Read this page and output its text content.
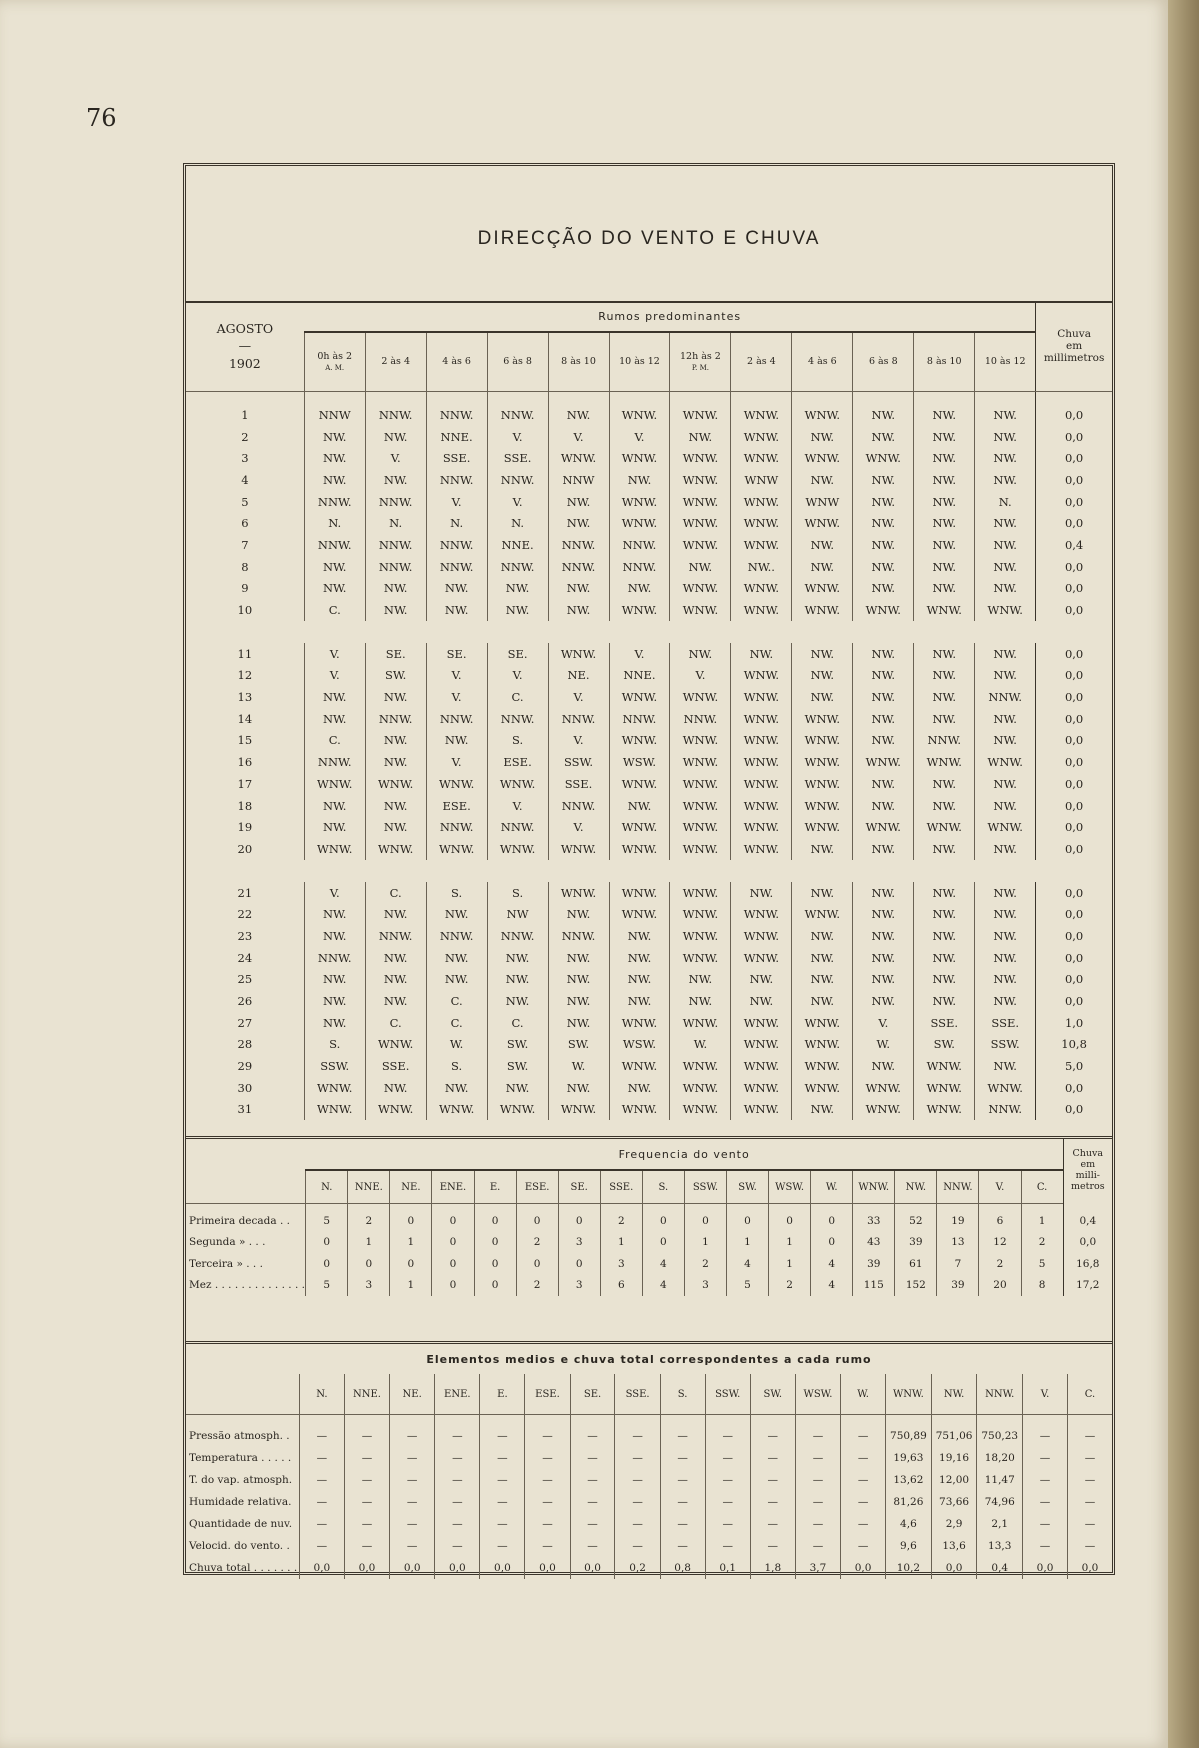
76
DIRECÇÃO DO VENTO E CHUVA
AGOSTO
—
1902	Rumos predominantes												Chuva
em
millimetros
	0h às 2
A. M.	2 às 4	4 às 6	6 às 8	8 às 10	10 às 12	12h às 2
P. M.	2 às 4	4 às 6	6 às 8	8 às 10	10 às 12	
1	NNW	NNW.	NNW.	NNW.	NW.	WNW.	WNW.	WNW.	WNW.	NW.	NW.	NW.	0,0
2	NW.	NW.	NNE.	V.	V.	V.	NW.	WNW.	NW.	NW.	NW.	NW.	0,0
3	NW.	V.	SSE.	SSE.	WNW.	WNW.	WNW.	WNW.	WNW.	WNW.	NW.	NW.	0,0
4	NW.	NW.	NNW.	NNW.	NNW	NW.	WNW.	WNW	NW.	NW.	NW.	NW.	0,0
5	NNW.	NNW.	V.	V.	NW.	WNW.	WNW.	WNW.	WNW	NW.	NW.	N.	0,0
6	N.	N.	N.	N.	NW.	WNW.	WNW.	WNW.	WNW.	NW.	NW.	NW.	0,0
7	NNW.	NNW.	NNW.	NNE.	NNW.	NNW.	WNW.	WNW.	NW.	NW.	NW.	NW.	0,4
8	NW.	NNW.	NNW.	NNW.	NNW.	NNW.	NW.	NW..	NW.	NW.	NW.	NW.	0,0
9	NW.	NW.	NW.	NW.	NW.	NW.	WNW.	WNW.	WNW.	NW.	NW.	NW.	0,0
10	C.	NW.	NW.	NW.	NW.	WNW.	WNW.	WNW.	WNW.	WNW.	WNW.	WNW.	0,0

11	V.	SE.	SE.	SE.	WNW.	V.	NW.	NW.	NW.	NW.	NW.	NW.	0,0
12	V.	SW.	V.	V.	NE.	NNE.	V.	WNW.	NW.	NW.	NW.	NW.	0,0
13	NW.	NW.	V.	C.	V.	WNW.	WNW.	WNW.	NW.	NW.	NW.	NNW.	0,0
14	NW.	NNW.	NNW.	NNW.	NNW.	NNW.	NNW.	WNW.	WNW.	NW.	NW.	NW.	0,0
15	C.	NW.	NW.	S.	V.	WNW.	WNW.	WNW.	WNW.	NW.	NNW.	NW.	0,0
16	NNW.	NW.	V.	ESE.	SSW.	WSW.	WNW.	WNW.	WNW.	WNW.	WNW.	WNW.	0,0
17	WNW.	WNW.	WNW.	WNW.	SSE.	WNW.	WNW.	WNW.	WNW.	NW.	NW.	NW.	0,0
18	NW.	NW.	ESE.	V.	NNW.	NW.	WNW.	WNW.	WNW.	NW.	NW.	NW.	0,0
19	NW.	NW.	NNW.	NNW.	V.	WNW.	WNW.	WNW.	WNW.	WNW.	WNW.	WNW.	0,0
20	WNW.	WNW.	WNW.	WNW.	WNW.	WNW.	WNW.	WNW.	NW.	NW.	NW.	NW.	0,0

21	V.	C.	S.	S.	WNW.	WNW.	WNW.	NW.	NW.	NW.	NW.	NW.	0,0
22	NW.	NW.	NW.	NW	NW.	WNW.	WNW.	WNW.	WNW.	NW.	NW.	NW.	0,0
23	NW.	NNW.	NNW.	NNW.	NNW.	NW.	WNW.	WNW.	NW.	NW.	NW.	NW.	0,0
24	NNW.	NW.	NW.	NW.	NW.	NW.	WNW.	WNW.	NW.	NW.	NW.	NW.	0,0
25	NW.	NW.	NW.	NW.	NW.	NW.	NW.	NW.	NW.	NW.	NW.	NW.	0,0
26	NW.	NW.	C.	NW.	NW.	NW.	NW.	NW.	NW.	NW.	NW.	NW.	0,0
27	NW.	C.	C.	C.	NW.	WNW.	WNW.	WNW.	WNW.	V.	SSE.	SSE.	1,0
28	S.	WNW.	W.	SW.	SW.	WSW.	W.	WNW.	WNW.	W.	SW.	SSW.	10,8
29	SSW.	SSE.	S.	SW.	W.	WNW.	WNW.	WNW.	WNW.	NW.	WNW.	NW.	5,0
30	WNW.	NW.	NW.	NW.	NW.	NW.	WNW.	WNW.	WNW.	WNW.	WNW.	WNW.	0,0
31	WNW.	WNW.	WNW.	WNW.	WNW.	WNW.	WNW.	WNW.	NW.	WNW.	WNW.	NNW.	0,0
	Frequencia do vento																		Chuva
em
milli-
metros
	N.	NNE.	NE.	ENE.	E.	ESE.	SE.	SSE.	S.	SSW.	SW.	WSW.	W.	WNW.	NW.	NNW.	V.	C.	
Primeira decada . .	5	2	0	0	0	0	0	2	0	0	0	0	0	33	52	19	6	1	0,4
Segunda » . . .	0	1	1	0	0	2	3	1	0	1	1	1	0	43	39	13	12	2	0,0
Terceira » . . .	0	0	0	0	0	0	0	3	4	2	4	1	4	39	61	7	2	5	16,8
Mez . . . . . . . . . . . . . .	5	3	1	0	0	2	3	6	4	3	5	2	4	115	152	39	20	8	17,2
Elementos medios e chuva total correspondentes a cada rumo																		
	N.	NNE.	NE.	ENE.	E.	ESE.	SE.	SSE.	S.	SSW.	SW.	WSW.	W.	WNW.	NW.	NNW.	V.	C.
Pressão atmosph. .	—	—	—	—	—	—	—	—	—	—	—	—	—	750,89	751,06	750,23	—	—
Temperatura . . . . .	—	—	—	—	—	—	—	—	—	—	—	—	—	19,63	19,16	18,20	—	—
T. do vap. atmosph.	—	—	—	—	—	—	—	—	—	—	—	—	—	13,62	12,00	11,47	—	—
Humidade relativa.	—	—	—	—	—	—	—	—	—	—	—	—	—	81,26	73,66	74,96	—	—
Quantidade de nuv.	—	—	—	—	—	—	—	—	—	—	—	—	—	4,6	2,9	2,1	—	—
Velocid. do vento. .	—	—	—	—	—	—	—	—	—	—	—	—	—	9,6	13,6	13,3	—	—
Chuva total . . . . . . .	0,0	0,0	0,0	0,0	0,0	0,0	0,0	0,2	0,8	0,1	1,8	3,7	0,0	10,2	0,0	0,4	0,0	0,0
